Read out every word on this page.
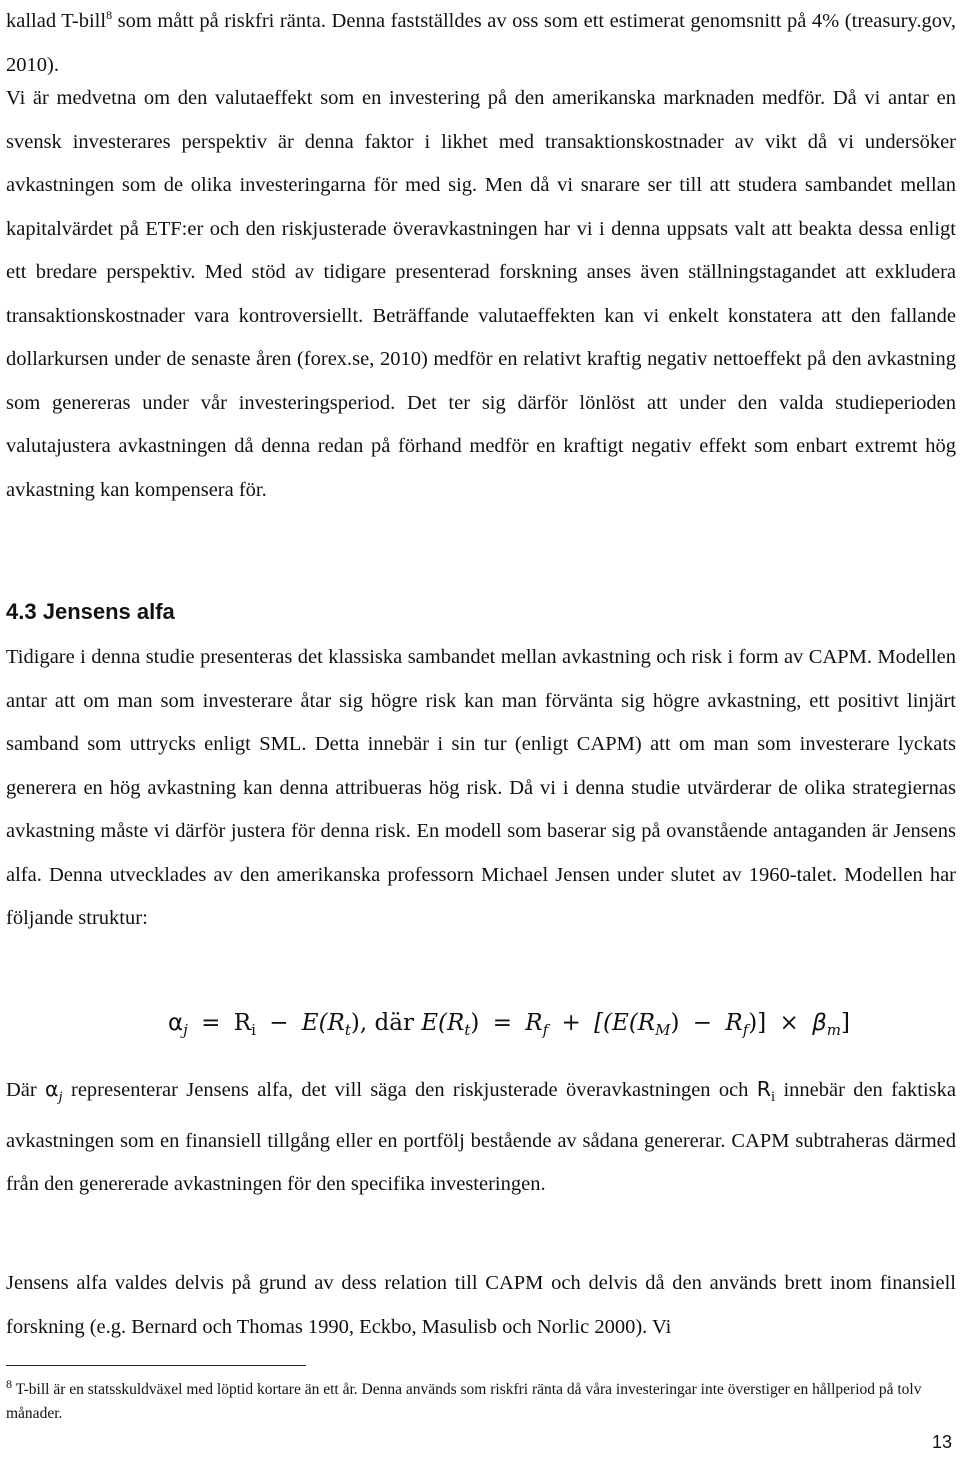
kallad T-bill$^8$ som mått på riskfri ränta. Denna fastställdes av oss som ett estimerat genomsnitt på 4% (treasury.gov, 2010).

Vi är medvetna om den valutaeffekt som en investering på den amerikanska marknaden medför. Då vi antar en svensk investerares perspektiv är denna faktor i likhet med transaktionskostnader av vikt då vi undersöker avkastningen som de olika investeringarna för med sig. Men då vi snarare ser till att studera sambandet mellan kapitalvärdet på ETF:er och den riskjusterade överavkastningen har vi i denna uppsats valt att beakta dessa enligt ett bredare perspektiv. Med stöd av tidigare presenterad forskning anses även ställningstagandet att exkludera transaktionskostnader vara kontroversiellt. Beträffande valutaeffekten kan vi enkelt konstatera att den fallande dollarkursen under de senaste åren (forex.se, 2010) medför en relativt kraftig negativ nettoeffekt på den avkastning som genereras under vår investeringsperiod. Det ter sig därför lönlöst att under den valda studieperioden valutajustera avkastningen då denna redan på förhand medför en kraftigt negativ effekt som enbart extremt hög avkastning kan kompensera för.

4.3 Jensens alfa

Tidigare i denna studie presenteras det klassiska sambandet mellan avkastning och risk i form av CAPM. Modellen antar att om man som investerare åtar sig högre risk kan man förvänta sig högre avkastning, ett positivt linjärt samband som uttrycks enligt SML. Detta innebär i sin tur (enligt CAPM) att om man som investerare lyckats generera en hög avkastning kan denna attribueras hög risk. Då vi i denna studie utvärderar de olika strategiernas avkastning måste vi därför justera för denna risk. En modell som baserar sig på ovanstående antaganden är Jensens alfa. Denna utvecklades av den amerikanska professorn Michael Jensen under slutet av 1960-talet. Modellen har följande struktur:

$\alpha_j = R_i - E(R_t)$, där $E(R_t) = R_f + [(E(R_M) - R_f)] \times \beta_m$]

Där $\alpha_j$ representerar Jensens alfa, det vill säga den riskjusterade överavkastningen och $R_i$ innebär den faktiska avkastningen som en finansiell tillgång eller en portfölj bestående av sådana genererar. CAPM subtraheras därmed från den genererade avkastningen för den specifika investeringen.

Jensens alfa valdes delvis på grund av dess relation till CAPM och delvis då den används brett inom finansiell forskning (e.g. Bernard och Thomas 1990, Eckbo, Masulisb och Norlic 2000). Vi

$^8$ T-bill är en statsskuldväxel med löptid kortare än ett år. Denna används som riskfri ränta då våra investeringar inte överstiger en hållperiod på tolv månader.

13
